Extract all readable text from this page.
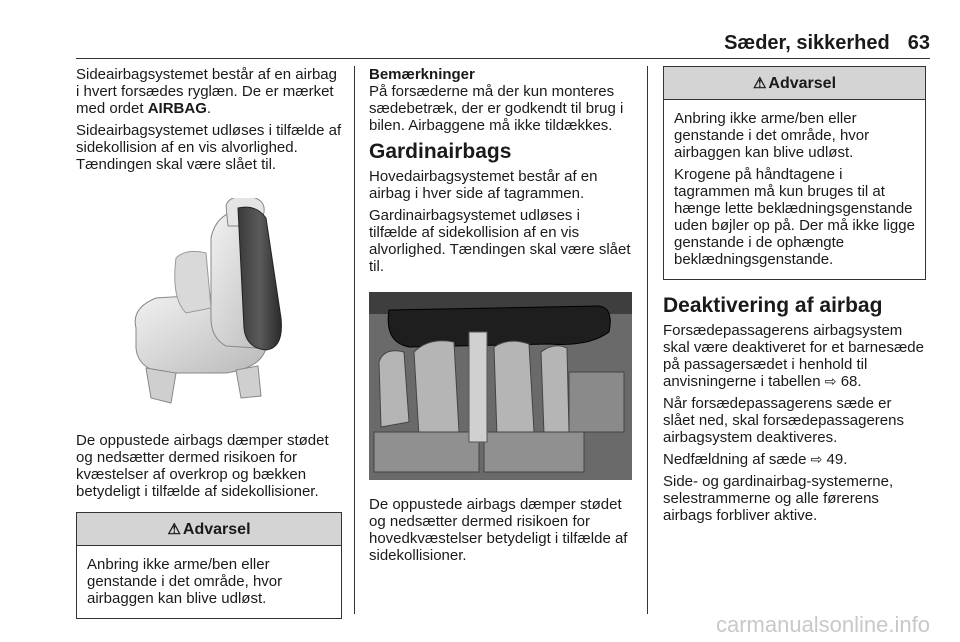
Sæder, sikkerhed 63

Sideairbagsystemet består af en airbag i hvert forsædes ryglæn. De er mærket med ordet AIRBAG.

Sideairbagsystemet udløses i tilfælde af sidekollision af en vis alvorlighed. Tændingen skal være slået til.

De oppustede airbags dæmper stødet og nedsætter dermed risikoen for kvæstelser af overkrop og bækken betydeligt i tilfælde af sidekollisioner.

⚠ Advarsel

Anbring ikke arme/ben eller genstande i det område, hvor airbaggen kan blive udløst.

Bemærkninger

På forsæderne må der kun monteres sædebetræk, der er godkendt til brug i bilen. Airbaggene må ikke tildækkes.

Gardinairbags

Hovedairbagsystemet består af en airbag i hver side af tagrammen.

Gardinairbagsystemet udløses i tilfælde af sidekollision af en vis alvorlighed. Tændingen skal være slået til.

De oppustede airbags dæmper stødet og nedsætter dermed risikoen for hovedkvæstelser betydeligt i tilfælde af sidekollisioner.

⚠ Advarsel

Anbring ikke arme/ben eller genstande i det område, hvor airbaggen kan blive udløst.

Krogene på håndtagene i tagrammen må kun bruges til at hænge lette beklædningsgenstande uden bøjler op på. Der må ikke ligge genstande i de ophængte beklædningsgenstande.

Deaktivering af airbag

Forsædepassagerens airbagsystem skal være deaktiveret for et barnesæde på passagersædet i henhold til anvisningerne i tabellen ⇨ 68.

Når forsædepassagerens sæde er slået ned, skal forsædepassagerens airbagsystem deaktiveres.

Nedfældning af sæde ⇨ 49.

Side- og gardinairbag-systemerne, selestrammerne og alle førerens airbags forbliver aktive.

carmanualsonline.info
